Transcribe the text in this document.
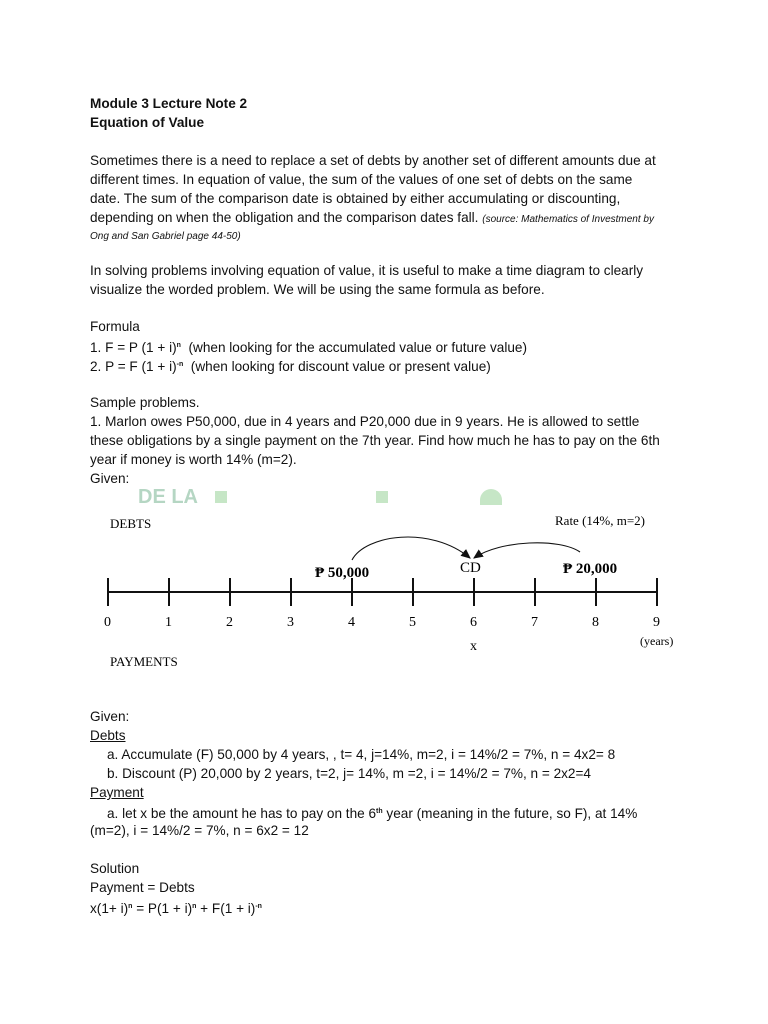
Module 3 Lecture Note 2
Equation of Value
Sometimes there is a need to replace a set of debts by another set of different amounts due at
different times. In equation of value, the sum of the values of one set of debts on the same
date. The sum of the comparison date is obtained by either accumulating or discounting,
depending on when the obligation and the comparison dates fall. (source: Mathematics of Investment by
Ong and San Gabriel page 44-50)
In solving problems involving equation of value, it is useful to make a time diagram to clearly
visualize the worded problem. We will be using the same formula as before.
Formula
1. F = P $(1 + i)^n$  (when looking for the accumulated value or future value)
2. P = F $(1 + i)^{-n}$  (when looking for discount value or present value)
Sample problems.
1. Marlon owes P50,000, due in 4 years and P20,000 due in 9 years. He is allowed to settle
these obligations by a single payment on the 7th year. Find how much he has to pay on the 6th
year if money is worth 14% (m=2).
Given:
DE LA
DEBTS	Rate (14%, m=2)
₱ 50,000	CD	₱ 20,000
0	1	2	3	4	5	6	7	8	9
x	(years)
PAYMENTS
Given:
Debts
a. Accumulate (F) 50,000 by 4 years, , t= 4, j=14%, m=2, i = 14%/2 = 7%, n = 4x2= 8
b. Discount (P) 20,000 by 2 years, t=2, j= 14%, m =2, i = 14%/2 = 7%, n = 2x2=4
Payment
a. let x be the amount he has to pay on the 6th year (meaning in the future, so F), at 14%
(m=2), i = 14%/2 = 7%, n = 6x2 = 12
Solution
Payment = Debts
$x(1+ i)^n = P(1 + i)^n + F(1 + i)^{-n}$
